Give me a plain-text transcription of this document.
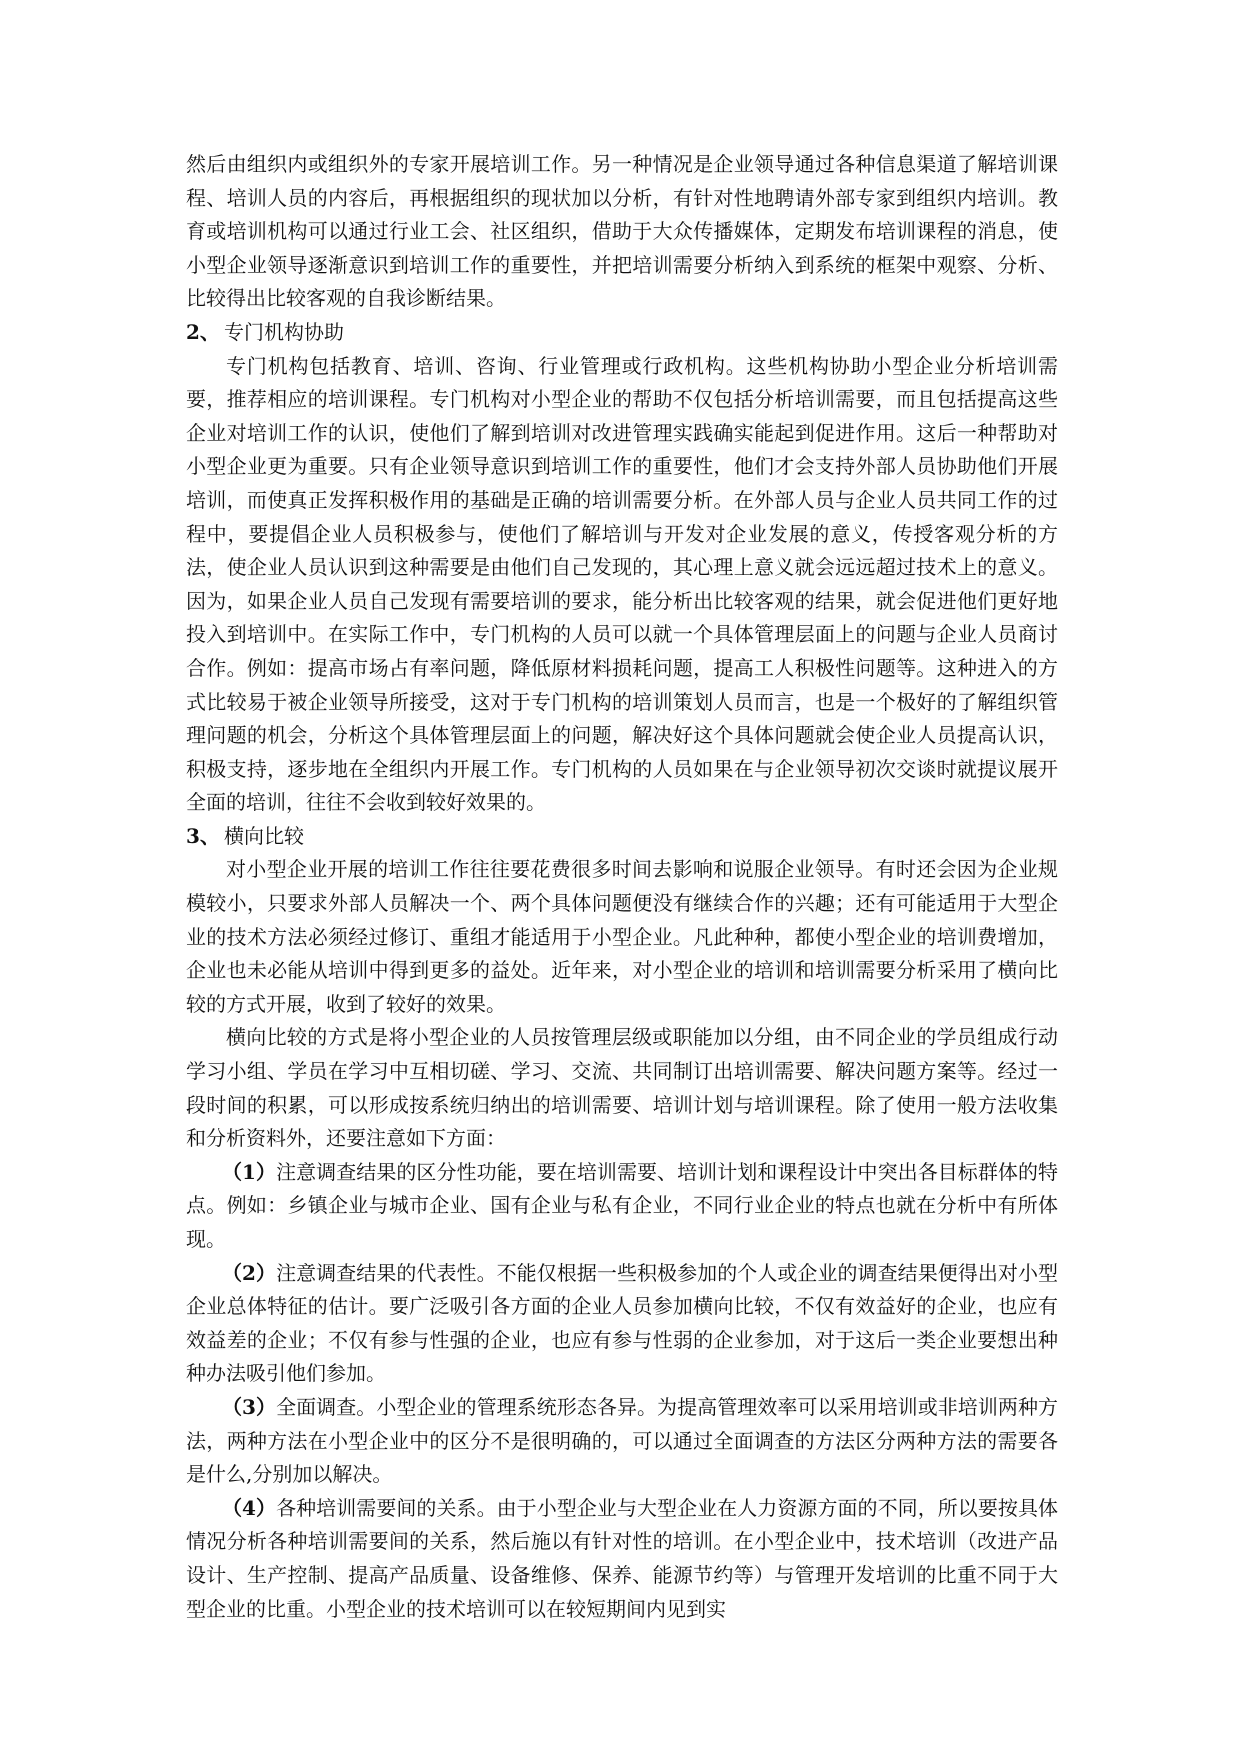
然后由组织内或组织外的专家开展培训工作。另一种情况是企业领导通过各种信息渠道了解培训课程、培训人员的内容后，再根据组织的现状加以分析，有针对性地聘请外部专家到组织内培训。教育或培训机构可以通过行业工会、社区组织，借助于大众传播媒体，定期发布培训课程的消息，使小型企业领导逐渐意识到培训工作的重要性，并把培训需要分析纳入到系统的框架中观察、分析、比较得出比较客观的自我诊断结果。

2、 专门机构协助

专门机构包括教育、培训、咨询、行业管理或行政机构。这些机构协助小型企业分析培训需要，推荐相应的培训课程。专门机构对小型企业的帮助不仅包括分析培训需要，而且包括提高这些企业对培训工作的认识，使他们了解到培训对改进管理实践确实能起到促进作用。这后一种帮助对小型企业更为重要。只有企业领导意识到培训工作的重要性，他们才会支持外部人员协助他们开展培训，而使真正发挥积极作用的基础是正确的培训需要分析。在外部人员与企业人员共同工作的过程中，要提倡企业人员积极参与，使他们了解培训与开发对企业发展的意义，传授客观分析的方法，使企业人员认识到这种需要是由他们自己发现的，其心理上意义就会远远超过技术上的意义。因为，如果企业人员自己发现有需要培训的要求，能分析出比较客观的结果，就会促进他们更好地投入到培训中。在实际工作中，专门机构的人员可以就一个具体管理层面上的问题与企业人员商讨合作。例如：提高市场占有率问题，降低原材料损耗问题，提高工人积极性问题等。这种进入的方式比较易于被企业领导所接受，这对于专门机构的培训策划人员而言，也是一个极好的了解组织管理问题的机会，分析这个具体管理层面上的问题，解决好这个具体问题就会使企业人员提高认识，积极支持，逐步地在全组织内开展工作。专门机构的人员如果在与企业领导初次交谈时就提议展开全面的培训，往往不会收到较好效果的。

3、 横向比较

对小型企业开展的培训工作往往要花费很多时间去影响和说服企业领导。有时还会因为企业规模较小，只要求外部人员解决一个、两个具体问题便没有继续合作的兴趣；还有可能适用于大型企业的技术方法必须经过修订、重组才能适用于小型企业。凡此种种，都使小型企业的培训费增加，企业也未必能从培训中得到更多的益处。近年来，对小型企业的培训和培训需要分析采用了横向比较的方式开展，收到了较好的效果。

横向比较的方式是将小型企业的人员按管理层级或职能加以分组，由不同企业的学员组成行动学习小组、学员在学习中互相切磋、学习、交流、共同制订出培训需要、解决问题方案等。经过一段时间的积累，可以形成按系统归纳出的培训需要、培训计划与培训课程。除了使用一般方法收集和分析资料外，还要注意如下方面：

（1）注意调查结果的区分性功能，要在培训需要、培训计划和课程设计中突出各目标群体的特点。例如：乡镇企业与城市企业、国有企业与私有企业，不同行业企业的特点也就在分析中有所体现。

（2）注意调查结果的代表性。不能仅根据一些积极参加的个人或企业的调查结果便得出对小型企业总体特征的估计。要广泛吸引各方面的企业人员参加横向比较，不仅有效益好的企业，也应有效益差的企业；不仅有参与性强的企业，也应有参与性弱的企业参加，对于这后一类企业要想出种种办法吸引他们参加。

（3）全面调查。小型企业的管理系统形态各异。为提高管理效率可以采用培训或非培训两种方法，两种方法在小型企业中的区分不是很明确的，可以通过全面调查的方法区分两种方法的需要各是什么,分别加以解决。

（4）各种培训需要间的关系。由于小型企业与大型企业在人力资源方面的不同，所以要按具体情况分析各种培训需要间的关系，然后施以有针对性的培训。在小型企业中，技术培训（改进产品设计、生产控制、提高产品质量、设备维修、保养、能源节约等）与管理开发培训的比重不同于大型企业的比重。小型企业的技术培训可以在较短期间内见到实
